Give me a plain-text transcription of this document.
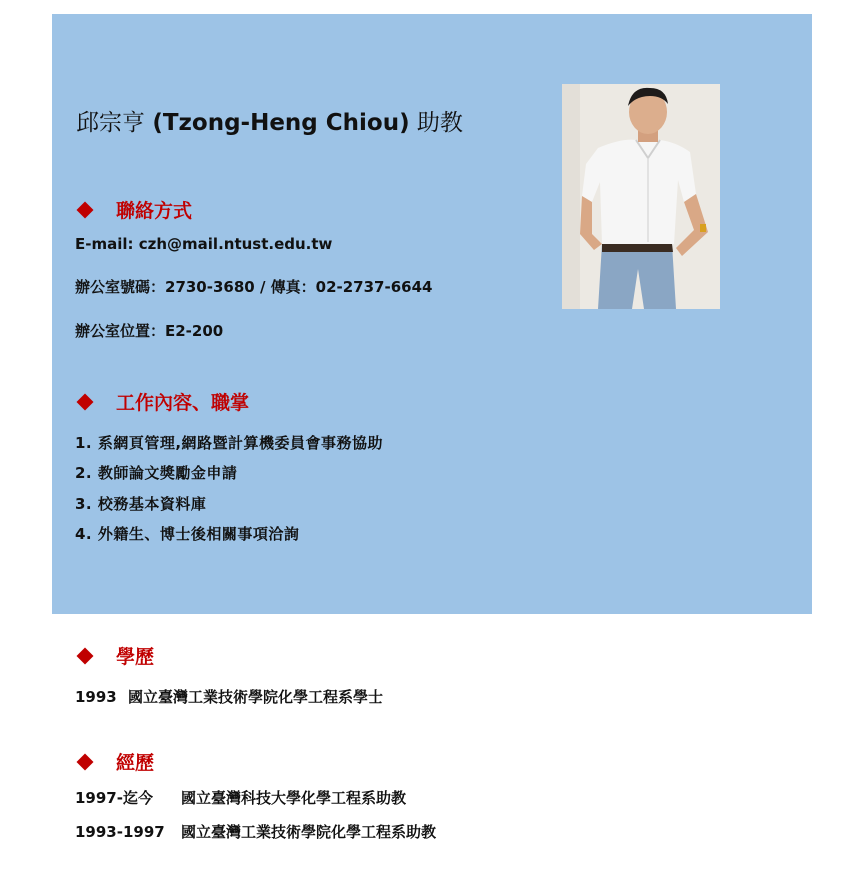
邱宗亨 (Tzong-Heng Chiou) 助教
聯絡方式
E-mail: czh@mail.ntust.edu.tw
辦公室號碼：2730-3680 / 傳真：02-2737-6644
辦公室位置：E2-200
工作內容、職掌
1. 系網頁管理,網路暨計算機委員會事務協助
2. 教師論文獎勵金申請
3. 校務基本資料庫
4. 外籍生、博士後相關事項洽詢
學歷
1993 國立臺灣工業技術學院化學工程系學士
經歷
1997-迄今 國立臺灣科技大學化學工程系助教
1993-1997 國立臺灣工業技術學院化學工程系助教
